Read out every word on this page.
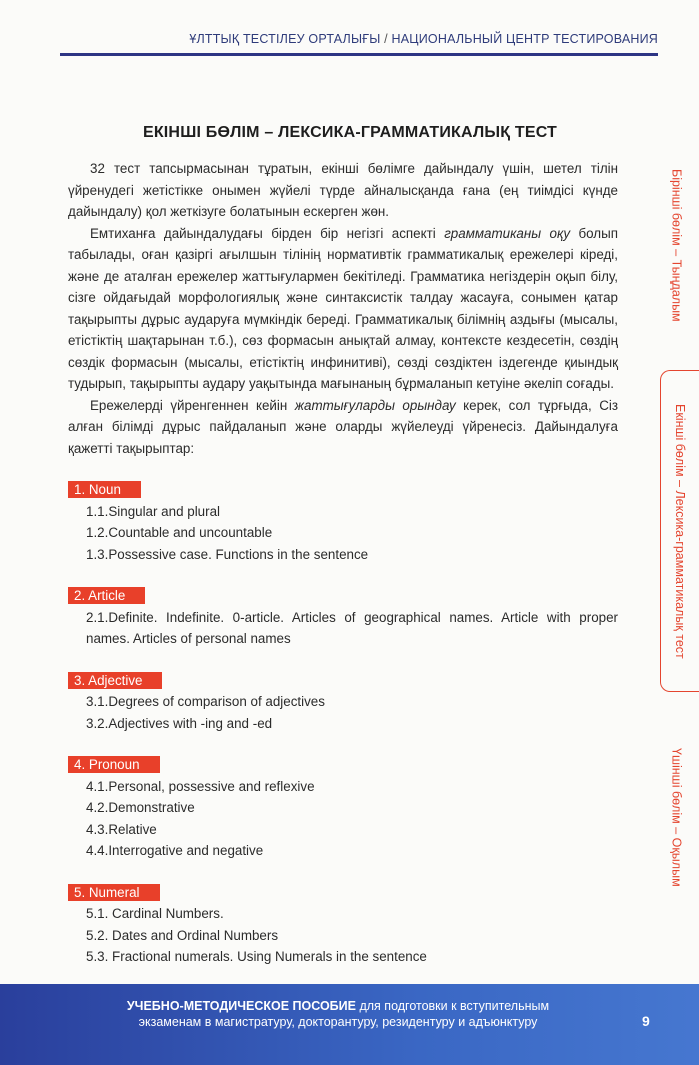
ҰЛТТЫҚ ТЕСТІЛЕУ ОРТАЛЫҒЫ / НАЦИОНАЛЬНЫЙ ЦЕНТР ТЕСТИРОВАНИЯ
ЕКІНШІ БӨЛІМ – ЛЕКСИКА-ГРАММАТИКАЛЫҚ ТЕСТ

32 тест тапсырмасынан тұратын, екінші бөлімге дайындалу үшін, шетел тілін үйренудегі жетістікке онымен жүйелі түрде айналысқанда ғана (ең тиімдісі күнде дайындалу) қол жеткізуге болатынын ескерген жөн.

Емтиханға дайындалудағы бірден бір негізгі аспекті грамматиканы оқу болып табылады, оған қазіргі ағылшын тілінің нормативтік грамматикалық ережелері кіреді, және де аталған ережелер жаттығулармен бекітіледі. Грамматика негіздерін оқып білу, сізге ойдағыдай морфологиялық және синтаксистік талдау жасауға, сонымен қатар тақырыпты дұрыс аударуға мүмкіндік береді. Грамматикалық білімнің аздығы (мысалы, етістіктің шақтарынан т.б.), сөз формасын анықтай алмау, контексте кездесетін, сөздің сөздік формасын (мысалы, етістіктің инфинитиві), сөзді сөздіктен іздегенде қиындық тудырып, тақырыпты аудару уақытында мағынаның бұрмаланып кетуіне әкеліп соғады.

Ережелерді үйренгеннен кейін жаттығуларды орындау керек, сол тұрғыда, Сіз алған білімді дұрыс пайдаланып және оларды жүйелеуді үйренесіз. Дайындалуға қажетті тақырыптар:

1. Noun
1.1.Singular and plural
1.2.Countable and uncountable
1.3.Possessive case. Functions in the sentence
2. Article
2.1.Definite. Indefinite. 0-article. Articles of geographical names. Article with proper names. Articles of personal names
3. Adjective
3.1.Degrees of comparison of adjectives
3.2.Adjectives with -ing and -ed
4. Pronoun
4.1.Personal, possessive and reflexive
4.2.Demonstrative
4.3.Relative
4.4.Interrogative and negative
5. Numeral
5.1. Cardinal Numbers.
5.2. Dates and Ordinal Numbers
5.3. Fractional numerals. Using Numerals in the sentence
Бірінші бөлім – Тыңдалым
Екінші бөлім – Лексика-грамматикалық тест
Үшінші бөлім – Оқылым
УЧЕБНО-МЕТОДИЧЕСКОЕ ПОСОБИЕ для подготовки к вступительным
экзаменам в магистратуру, докторантуру, резидентуру и адъюнктуру	9
